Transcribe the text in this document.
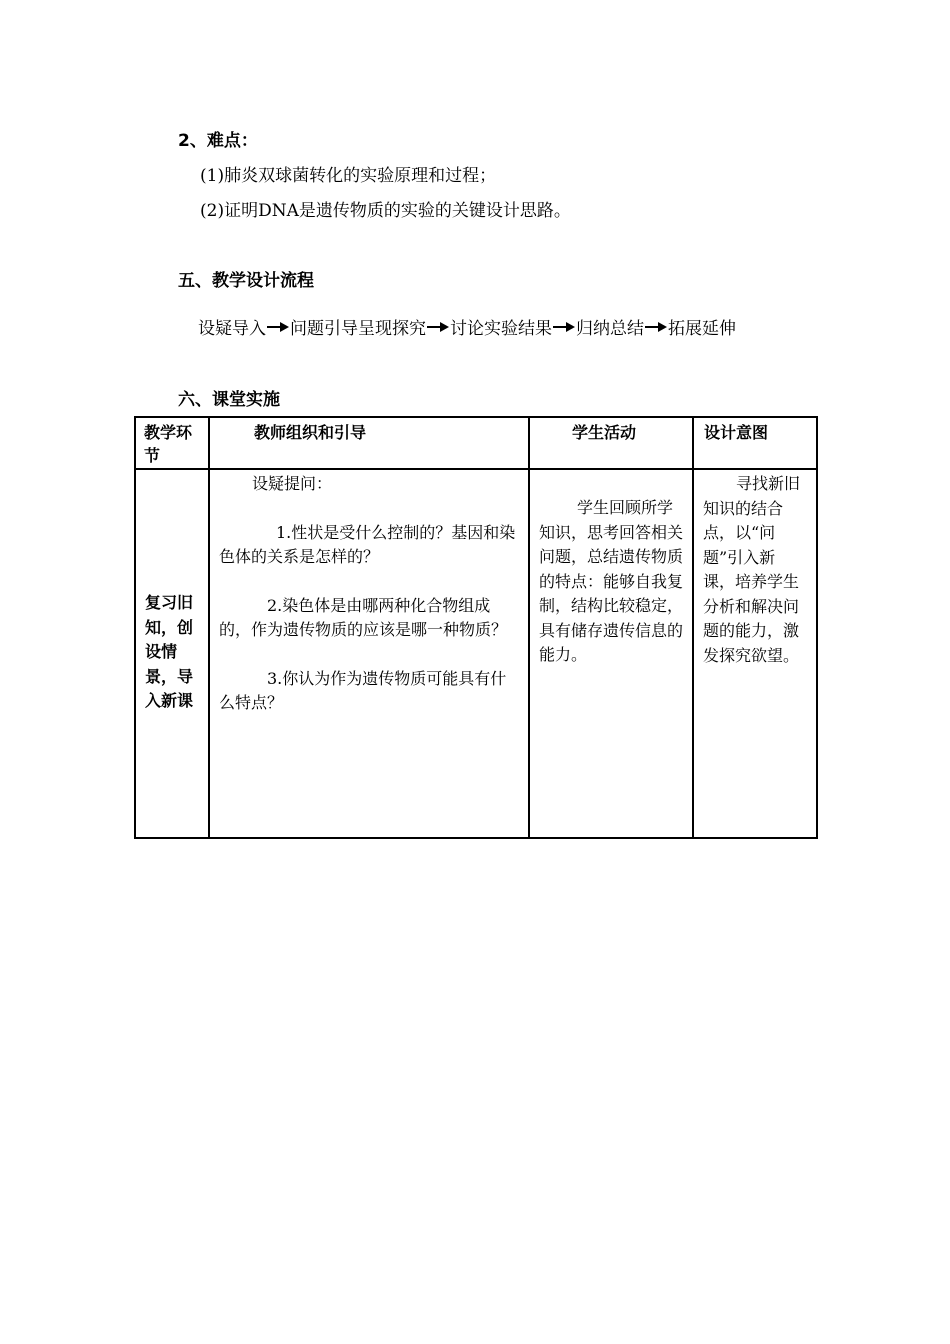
2、难点：
(1)肺炎双球菌转化的实验原理和过程；
(2)证明DNA是遗传物质的实验的关键设计思路。
五、教学设计流程
设疑导入 问题引导呈现探究 讨论实验结果 归纳总结 拓展延伸
六、课堂实施
教学环节	教师组织和引导	学生活动	设计意图

复习旧知，创设情景，导入新课	设疑提问：
1.性状是受什么控制的？基因和染色体的关系是怎样的？
2.染色体是由哪两种化合物组成的，作为遗传物质的应该是哪一种物质？
3.你认为作为遗传物质可能具有什么特点？	学生回顾所学知识，思考回答相关问题，总结遗传物质的特点：能够自我复制，结构比较稳定，具有储存遗传信息的能力。	寻找新旧知识的结合点，以“问题”引入新课，培养学生分析和解决问题的能力，激发探究欲望。
